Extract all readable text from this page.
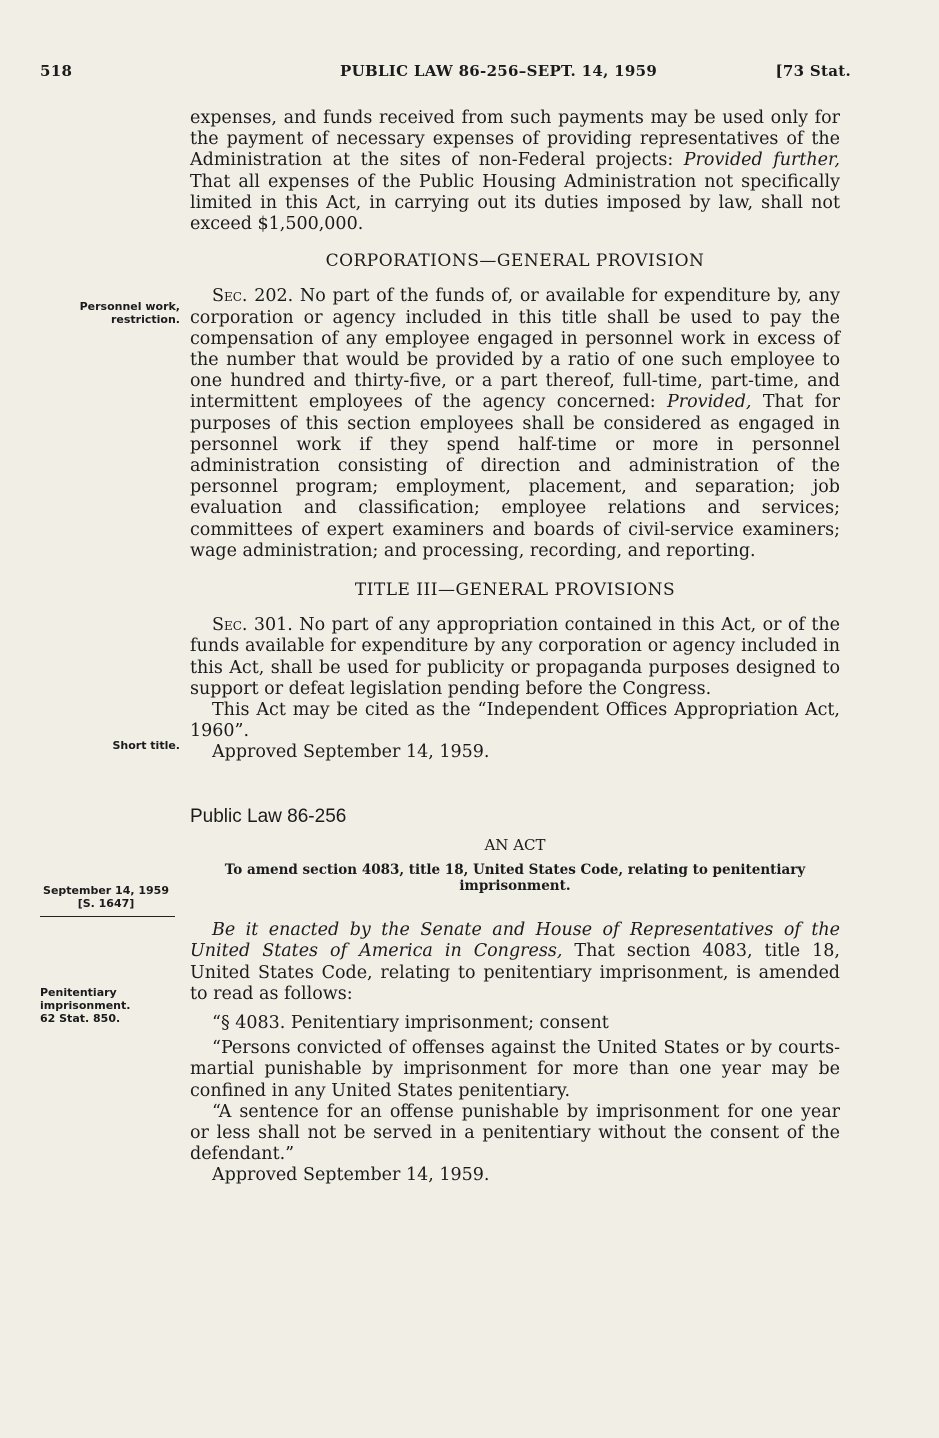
518	PUBLIC LAW 86-256–SEPT. 14, 1959	[73 Stat.
Personnel work, restriction.
Short title.
September 14, 1959
[S. 1647]
Penitentiary imprisonment.
62 Stat. 850.

expenses, and funds received from such payments may be used only for the payment of necessary expenses of providing representatives of the Administration at the sites of non-Federal projects: Provided further, That all expenses of the Public Housing Administration not specifically limited in this Act, in carrying out its duties imposed by law, shall not exceed $1,500,000.

CORPORATIONS—GENERAL PROVISION

Sec. 202. No part of the funds of, or available for expenditure by, any corporation or agency included in this title shall be used to pay the compensation of any employee engaged in personnel work in excess of the number that would be provided by a ratio of one such employee to one hundred and thirty-five, or a part thereof, full-time, part-time, and intermittent employees of the agency concerned: Provided, That for purposes of this section employees shall be considered as engaged in personnel work if they spend half-time or more in personnel administration consisting of direction and administration of the personnel program; employment, placement, and separation; job evaluation and classification; employee relations and services; committees of expert examiners and boards of civil-service examiners; wage administration; and processing, recording, and reporting.

TITLE III—GENERAL PROVISIONS

Sec. 301. No part of any appropriation contained in this Act, or of the funds available for expenditure by any corporation or agency included in this Act, shall be used for publicity or propaganda purposes designed to support or defeat legislation pending before the Congress.

This Act may be cited as the “Independent Offices Appropriation Act, 1960”.

Approved September 14, 1959.

Public Law 86-256

AN ACT

To amend section 4083, title 18, United States Code, relating to penitentiary imprisonment.

Be it enacted by the Senate and House of Representatives of the United States of America in Congress, That section 4083, title 18, United States Code, relating to penitentiary imprisonment, is amended to read as follows:

“§ 4083. Penitentiary imprisonment; consent

“Persons convicted of offenses against the United States or by courts-martial punishable by imprisonment for more than one year may be confined in any United States penitentiary.

“A sentence for an offense punishable by imprisonment for one year or less shall not be served in a penitentiary without the consent of the defendant.”

Approved September 14, 1959.
